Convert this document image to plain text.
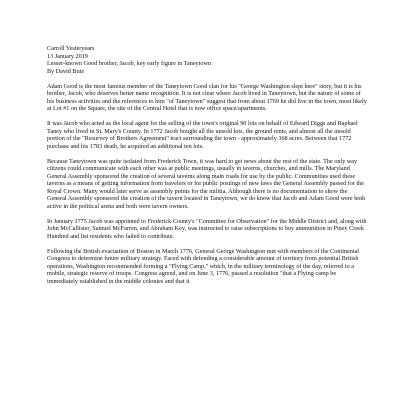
Carroll Yesteryears
13 January 2019
Lesser-known Good brother, Jacob, key early figure in Taneytown
By David Buie

Adam Good is the most famous member of the Taneytown Good clan for his "George Washington slept here" story, but it is his brother, Jacob, who deserves better name recognition. It is not clear where Jacob lived in Taneytown, but the nature of some of his business activities and the references to him "of Taneytown" suggest that from about 1769 he did live in the town, most likely at Lot #1 on the Square, the site of the Central Hotel that is now office space/apartments.

It was Jacob who acted as the local agent for the selling of the town's original 90 lots on behalf of Edward Diggs and Raphael Taney who lived in St. Mary's County. In 1772 Jacob bought all the unsold lots, the ground rents, and almost all the unsold portion of the "Resurvey of Brothers Agreement" tract surrounding the town - approximately 368 acres. Between that 1772 purchase and his 1783 death, he acquired an additional ten lots.

Because Taneytown was quite isolated from Frederick Town, it was hard to get news about the rest of the state. The only way citizens could communicate with each other was at public meetings, usually in taverns, churches, and mills. The Maryland General Assembly sponsored the creation of several taverns along main roads for use by the public. Communities used these taverns as a means of getting information from travelers or for public postings of new laws the General Assembly passed for the Royal Crown. Many would later serve as assembly points for the militia. Although there is no documentation to show the General Assembly sponsored the creation of the tavern located in Taneytown, we do know that Jacob and Adam Good were both active in the political arena and both were tavern owners.

In January 1775 Jacob was appointed to Frederick County's "Committee for Observation" for the Middle District and, along with John McCallister, Samuel McFarren, and Abraham Key, was instructed to raise subscriptions to buy ammunition in Piney Creek Hundred and list residents who failed to contribute.

Following the British evacuation of Boston in March 1776, General George Washington met with members of the Continental Congress to determine future military strategy. Faced with defending a considerable amount of territory from potential British operations, Washington recommended forming a "Flying Camp," which, in the military terminology of the day, referred to a mobile, strategic reserve of troops. Congress agreed, and on June 3, 1776, passed a resolution "that a Flying camp be immediately established in the middle colonies and that it
